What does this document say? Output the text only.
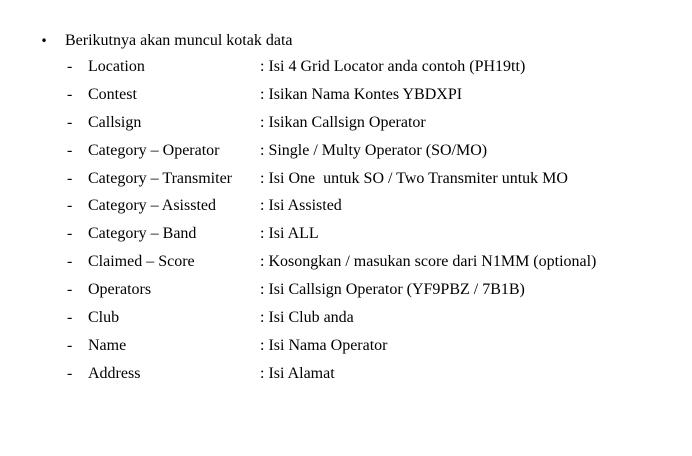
• Berikutnya akan muncul kotak data
- Location	: Isi 4 Grid Locator anda contoh (PH19tt)
- Contest	: Isikan Nama Kontes YBDXPI
- Callsign	: Isikan Callsign Operator
- Category – Operator	: Single / Multy Operator (SO/MO)
- Category – Transmiter : Isi One  untuk SO / Two Transmiter untuk MO
- Category – Asissted	: Isi Assisted
- Category – Band	: Isi ALL
- Claimed – Score	: Kosongkan / masukan score dari N1MM (optional)
- Operators	: Isi Callsign Operator (YF9PBZ / 7B1B)
- Club	: Isi Club anda
- Name	: Isi Nama Operator
- Address	: Isi Alamat
